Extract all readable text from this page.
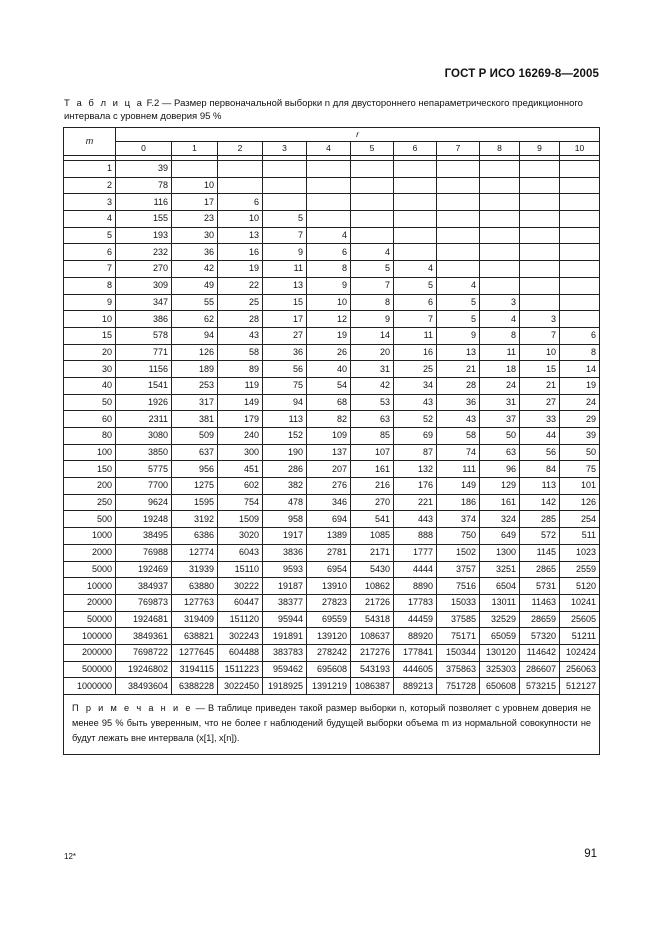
ГОСТ Р ИСО 16269-8—2005
Т а б л и ц а F.2 — Размер первоначальной выборки n для двустороннего непараметрического предикционного интервала с уровнем доверия 95 %
m	r										
	0	1	2	3	4	5	6	7	8	9	10

1	39										
2	78	10									
3	116	17	6								
4	155	23	10	5							
5	193	30	13	7	4						
6	232	36	16	9	6	4					
7	270	42	19	11	8	5	4				
8	309	49	22	13	9	7	5	4			
9	347	55	25	15	10	8	6	5	3		
10	386	62	28	17	12	9	7	5	4	3	
15	578	94	43	27	19	14	11	9	8	7	6
20	771	126	58	36	26	20	16	13	11	10	8
30	1156	189	89	56	40	31	25	21	18	15	14
40	1541	253	119	75	54	42	34	28	24	21	19
50	1926	317	149	94	68	53	43	36	31	27	24
60	2311	381	179	113	82	63	52	43	37	33	29
80	3080	509	240	152	109	85	69	58	50	44	39
100	3850	637	300	190	137	107	87	74	63	56	50
150	5775	956	451	286	207	161	132	111	96	84	75
200	7700	1275	602	382	276	216	176	149	129	113	101
250	9624	1595	754	478	346	270	221	186	161	142	126
500	19248	3192	1509	958	694	541	443	374	324	285	254
1000	38495	6386	3020	1917	1389	1085	888	750	649	572	511
2000	76988	12774	6043	3836	2781	2171	1777	1502	1300	1145	1023
5000	192469	31939	15110	9593	6954	5430	4444	3757	3251	2865	2559
10000	384937	63880	30222	19187	13910	10862	8890	7516	6504	5731	5120
20000	769873	127763	60447	38377	27823	21726	17783	15033	13011	11463	10241
50000	1924681	319409	151120	95944	69559	54318	44459	37585	32529	28659	25605
100000	3849361	638821	302243	191891	139120	108637	88920	75171	65059	57320	51211
200000	7698722	1277645	604488	383783	278242	217276	177841	150344	130120	114642	102424
500000	19246802	3194115	1511223	959462	695608	543193	444605	375863	325303	286607	256063
1000000	38493604	6388228	3022450	1918925	1391219	1086387	889213	751728	650608	573215	512127
П р и м е ч а н и е — В таблице приведен такой размер выборки n, который позволяет с уровнем доверия не менее 95 % быть уверенным, что не более r наблюдений будущей выборки объема m из нормальной совокупности не будут лежать вне интервала (x[1], x[n]).											
12*	91
